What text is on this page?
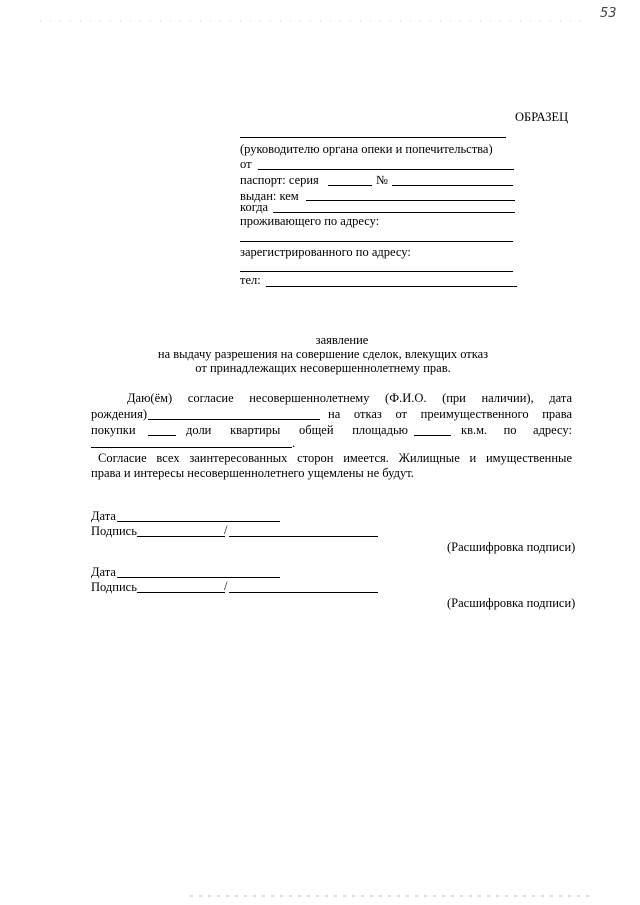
53
ОБРАЗЕЦ
(руководителю органа опеки и попечительства)
от
паспорт: серия	№
выдан: кем
когда
проживающего по адресу:
зарегистрированного по адресу:
тел:
заявление
на выдачу разрешения на совершение сделок, влекущих отказ
от принадлежащих несовершеннолетнему прав.
Даю(ём) согласие несовершеннолетнему (Ф.И.О. (при наличии), дата
рождения)	на отказ от преимущественного права
покупки	доли квартиры общей площадью	кв.м. по адресу:
.
Согласие всех заинтересованных сторон имеется. Жилищные и имущественные
права и интересы несовершеннолетнего ущемлены не будут.
Дата
Подпись	/
(Расшифровка подписи)
Дата
Подпись	/
(Расшифровка подписи)
